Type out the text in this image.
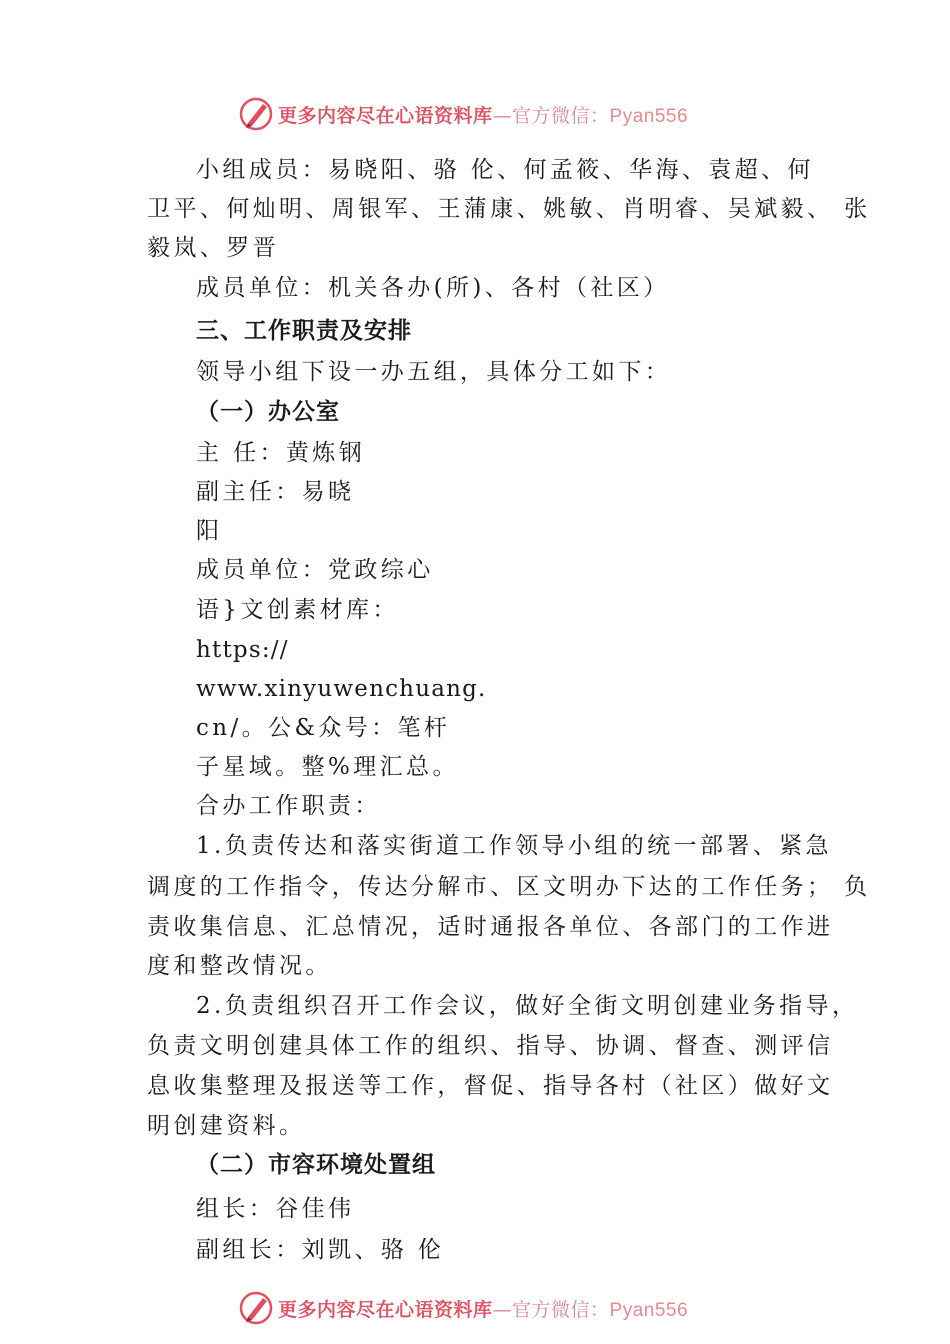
更多内容尽在心语资料库—官方微信：Pyan556
小组成员：易晓阳、骆 伦、何孟筱、华海、袁超、何
卫平、何灿明、周银军、王蒲康、姚敏、肖明睿、吴斌毅、 张
毅岚、罗晋
成员单位：机关各办(所)、各村（社区）
三、工作职责及安排
领导小组下设一办五组，具体分工如下：
（一）办公室
主 任：黄炼钢
副主任：易晓
阳
成员单位：党政综心
语}文创素材库：
https://
www.xinyuwenchuang.
cn/。公&众号：笔杆
子星域。整%理汇总。
合办工作职责：
1.负责传达和落实街道工作领导小组的统一部署、紧急
调度的工作指令，传达分解市、区文明办下达的工作任务； 负
责收集信息、汇总情况，适时通报各单位、各部门的工作进
度和整改情况。
2.负责组织召开工作会议，做好全街文明创建业务指导，
负责文明创建具体工作的组织、指导、协调、督查、测评信
息收集整理及报送等工作，督促、指导各村（社区）做好文
明创建资料。
（二）市容环境处置组
组长：谷佳伟
副组长：刘凯、骆 伦
更多内容尽在心语资料库—官方微信：Pyan556
